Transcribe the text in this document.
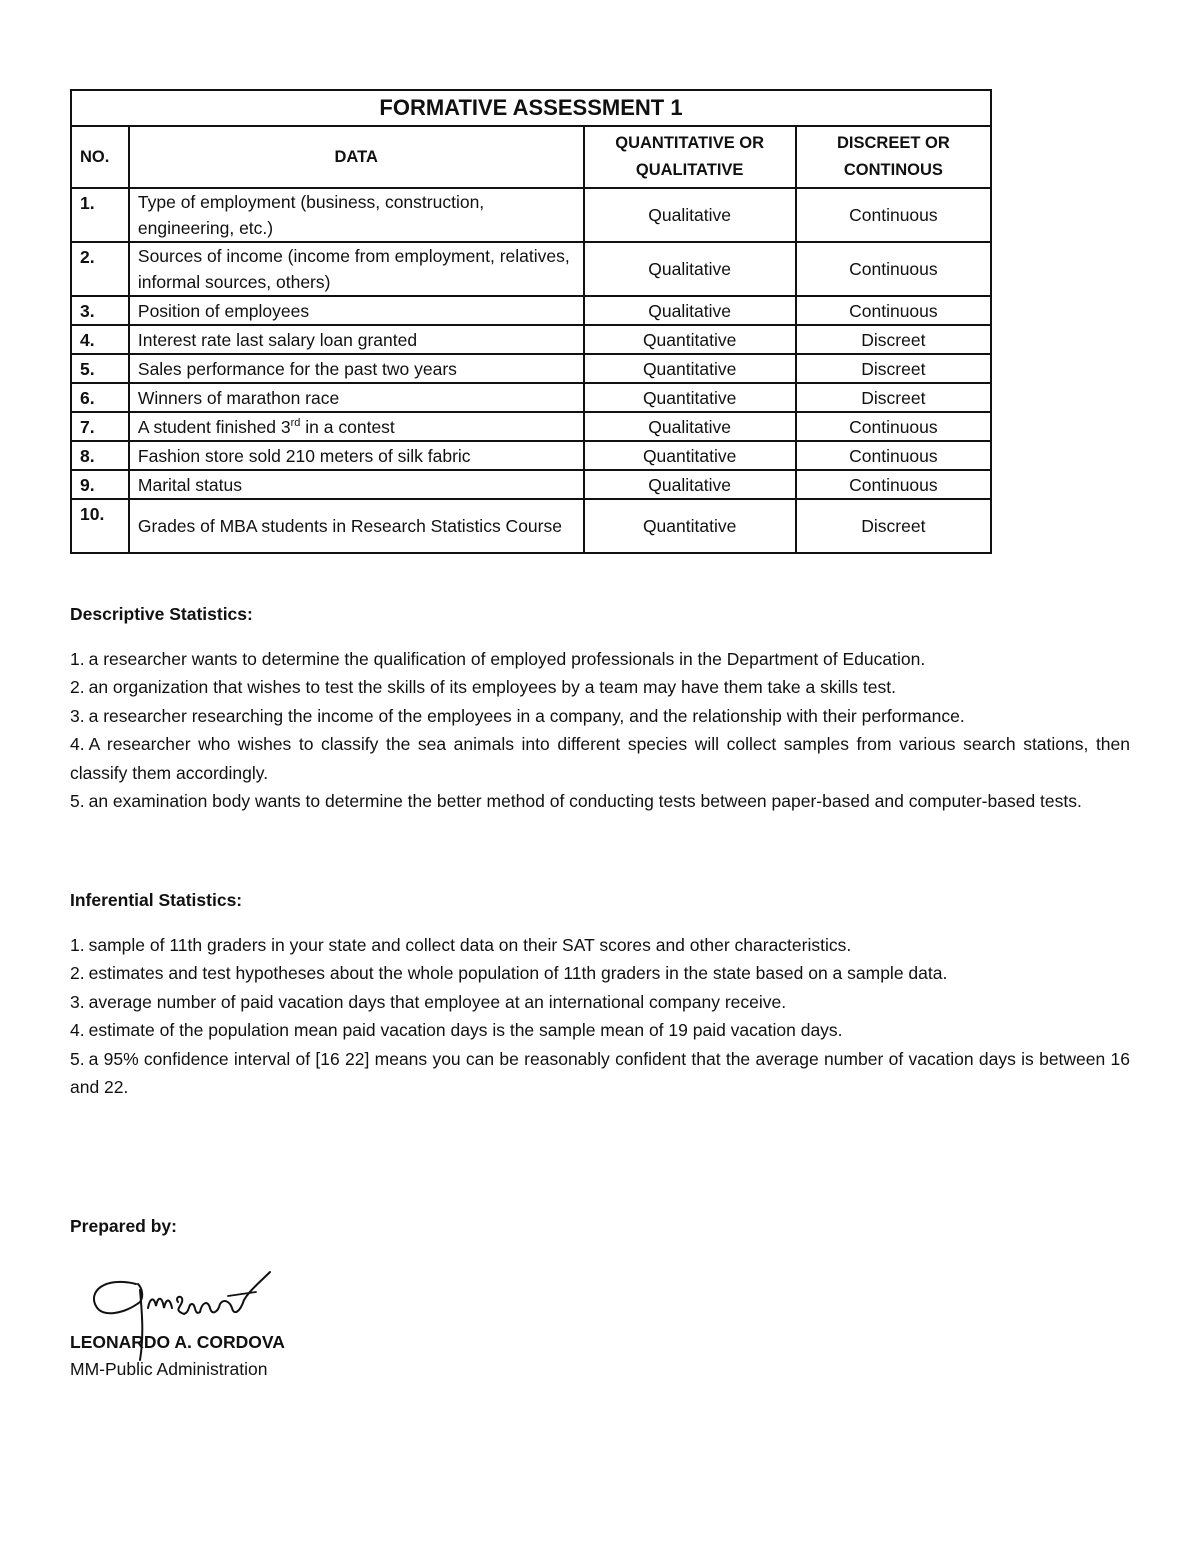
FORMATIVE ASSESSMENT 1			
NO.	DATA	QUANTITATIVE OR QUALITATIVE	DISCREET OR CONTINOUS
1.	Type of employment (business, construction, engineering, etc.)	Qualitative	Continuous
2.	Sources of income (income from employment, relatives, informal sources, others)	Qualitative	Continuous
3.	Position of employees	Qualitative	Continuous
4.	Interest rate last salary loan granted	Quantitative	Discreet
5.	Sales performance for the past two years	Quantitative	Discreet
6.	Winners of marathon race	Quantitative	Discreet
7.	A student finished 3rd in a contest	Qualitative	Continuous
8.	Fashion store sold 210 meters of silk fabric	Quantitative	Continuous
9.	Marital status	Qualitative	Continuous
10.	Grades of MBA students in Research Statistics Course	Quantitative	Discreet

Descriptive Statistics:

1. a researcher wants to determine the qualification of employed professionals in the Department of Education.

2. an organization that wishes to test the skills of its employees by a team may have them take a skills test.

3. a researcher researching the income of the employees in a company, and the relationship with their performance.

4. A researcher who wishes to classify the sea animals into different species will collect samples from various search stations, then classify them accordingly.

5. an examination body wants to determine the better method of conducting tests between paper-based and computer-based tests.

Inferential Statistics:

1. sample of 11th graders in your state and collect data on their SAT scores and other characteristics.

2. estimates and test hypotheses about the whole population of 11th graders in the state based on a sample data.

3. average number of paid vacation days that employee at an international company receive.

4. estimate of the population mean paid vacation days is the sample mean of 19 paid vacation days.

5. a 95% confidence interval of [16 22] means you can be reasonably confident that the average number of vacation days is between 16 and 22.

Prepared by:
LEONARDO A. CORDOVA
MM-Public Administration
